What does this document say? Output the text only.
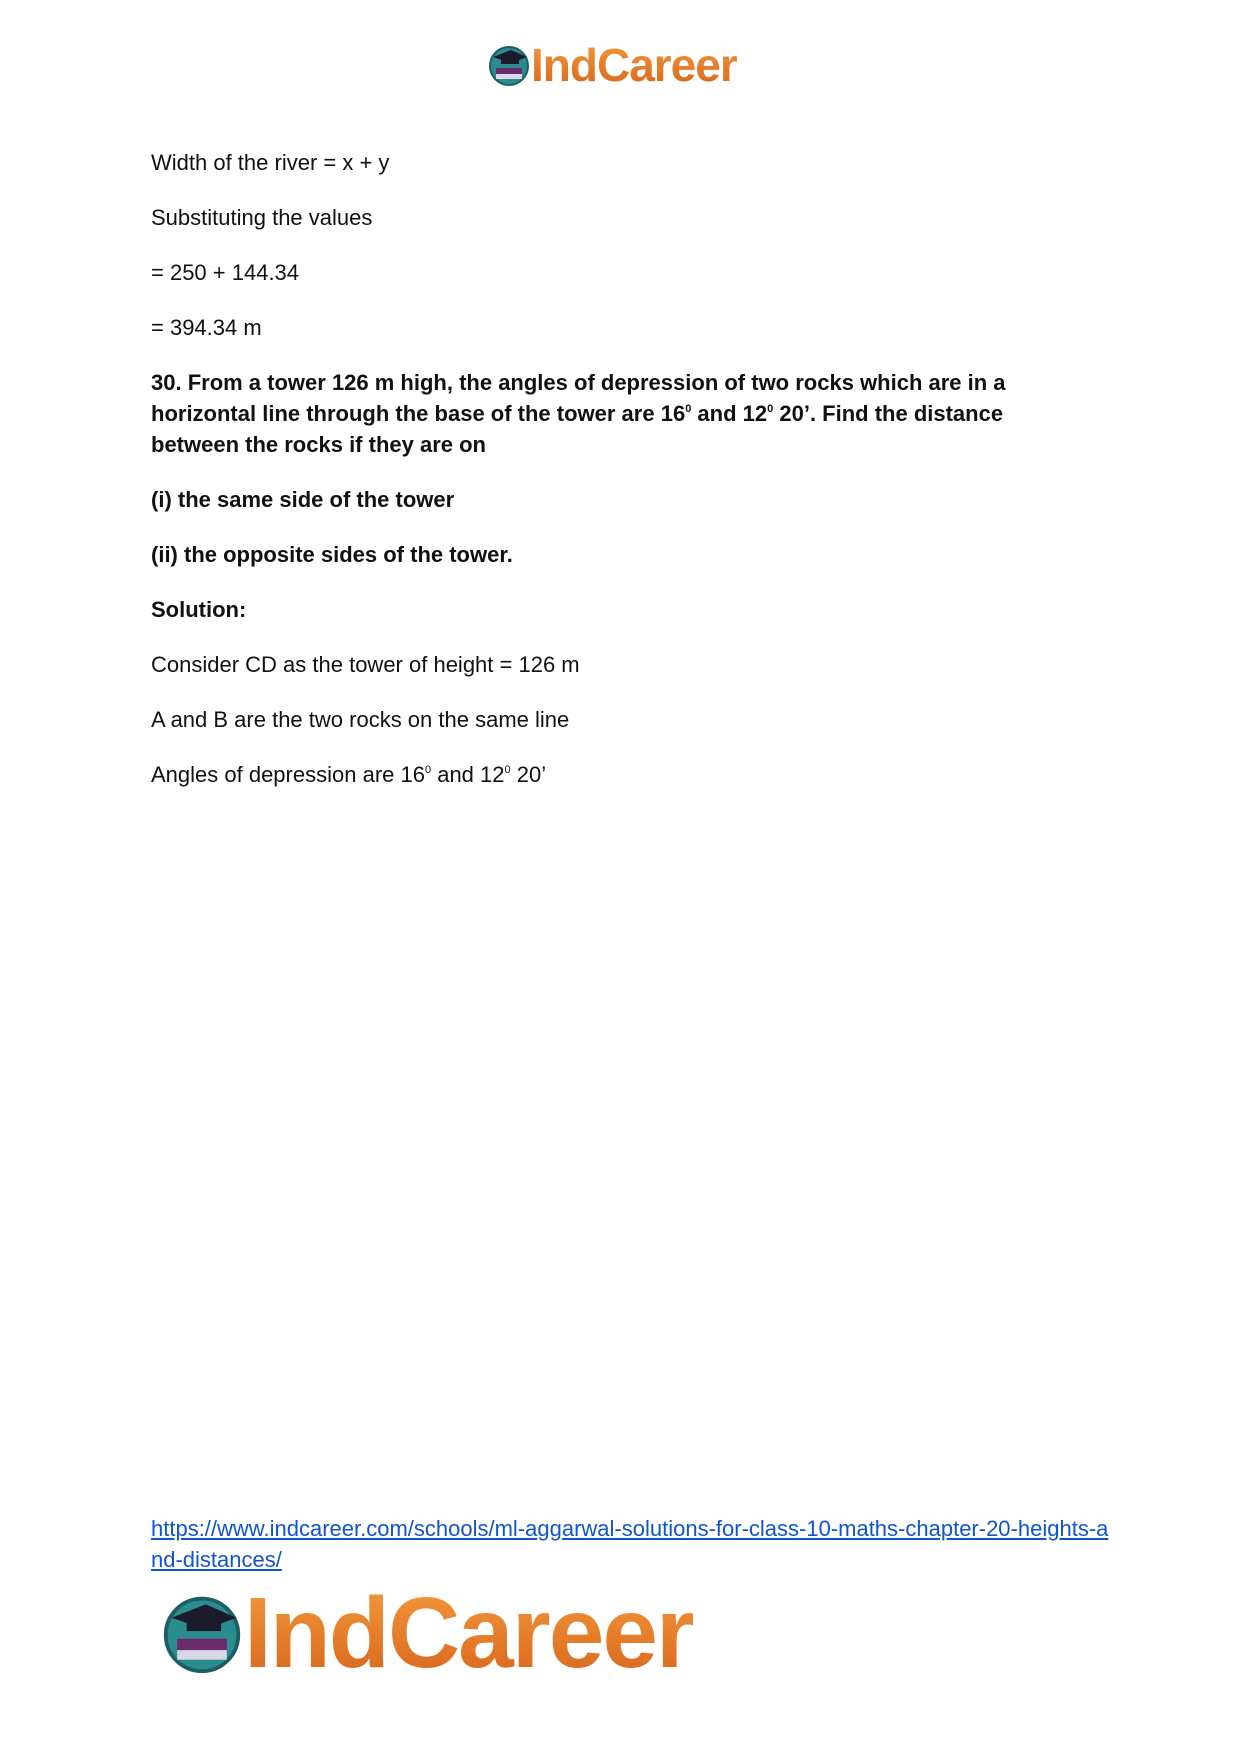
IndCareer

Width of the river = x + y

Substituting the values

= 250 + 144.34

= 394.34 m

30. From a tower 126 m high, the angles of depression of two rocks which are in a horizontal line through the base of the tower are $16^0$ and $12^0$ 20’. Find the distance between the rocks if they are on

(i) the same side of the tower

(ii) the opposite sides of the tower.

Solution:

Consider CD as the tower of height = 126 m

A and B are the two rocks on the same line

Angles of depression are $16^0$ and $12^0$ 20’

https://www.indcareer.com/schools/ml-aggarwal-solutions-for-class-10-maths-chapter-20-heights-and-distances/
IndCareer
